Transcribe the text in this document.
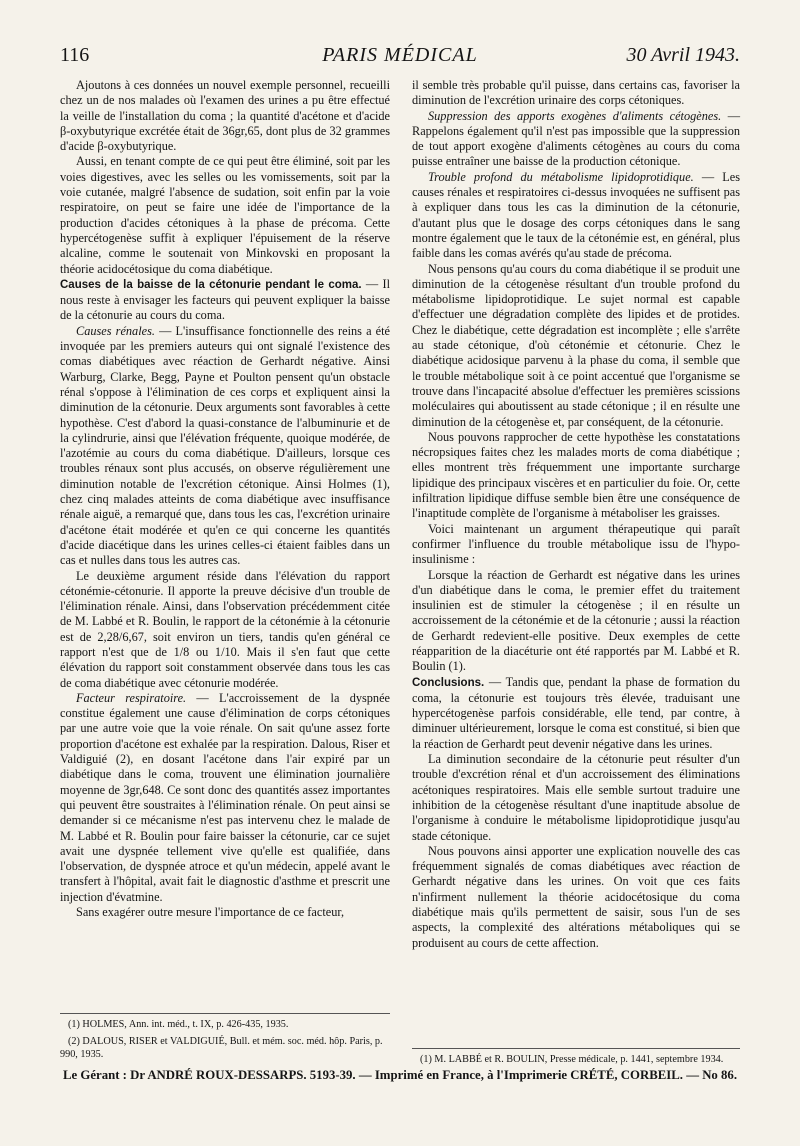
116	PARIS MÉDICAL	30 Avril 1943.

Ajoutons à ces données un nouvel exemple personnel, recueilli chez un de nos malades où l'examen des urines a pu être effectué la veille de l'installation du coma ; la quantité d'acétone et d'acide β-oxybutyrique excrétée était de 36gr,65, dont plus de 32 grammes d'acide β-oxybutyrique.

Aussi, en tenant compte de ce qui peut être éliminé, soit par les voies digestives, avec les selles ou les vomissements, soit par la voie cutanée, malgré l'absence de sudation, soit enfin par la voie respiratoire, on peut se faire une idée de l'importance de la production d'acides cétoniques à la phase de précoma. Cette hypercétogenèse suffit à expliquer l'épuisement de la réserve alcaline, comme le soutenait von Minkovski en proposant la théorie acidocétosique du coma diabétique.

Causes de la baisse de la cétonurie pendant le coma. — Il nous reste à envisager les facteurs qui peuvent expliquer la baisse de la cétonurie au cours du coma.

Causes rénales. — L'insuffisance fonctionnelle des reins a été invoquée par les premiers auteurs qui ont signalé l'existence des comas diabétiques avec réaction de Gerhardt négative. Ainsi Warburg, Clarke, Begg, Payne et Poulton pensent qu'un obstacle rénal s'oppose à l'élimination de ces corps et expliquent ainsi la diminution de la cétonurie. Deux arguments sont favorables à cette hypothèse. C'est d'abord la quasi-constance de l'albuminurie et de la cylindrurie, ainsi que l'élévation fréquente, quoique modérée, de l'azotémie au cours du coma diabétique. D'ailleurs, lorsque ces troubles rénaux sont plus accusés, on observe régulièrement une diminution notable de l'excrétion cétonique. Ainsi Holmes (1), chez cinq malades atteints de coma diabétique avec insuffisance rénale aiguë, a remarqué que, dans tous les cas, l'excrétion urinaire d'acétone était modérée et qu'en ce qui concerne les quantités d'acide diacétique dans les urines celles-ci étaient faibles dans un cas et nulles dans tous les autres cas.

Le deuxième argument réside dans l'élévation du rapport cétonémie-cétonurie. Il apporte la preuve décisive d'un trouble de l'élimination rénale. Ainsi, dans l'observation précédemment citée de M. Labbé et R. Boulin, le rapport de la cétonémie à la cétonurie est de 2,28/6,67, soit environ un tiers, tandis qu'en général ce rapport n'est que de 1/8 ou 1/10. Mais il s'en faut que cette élévation du rapport soit constamment observée dans tous les cas de coma diabétique avec cétonurie modérée.

Facteur respiratoire. — L'accroissement de la dyspnée constitue également une cause d'élimination de corps cétoniques par une autre voie que la voie rénale. On sait qu'une assez forte proportion d'acétone est exhalée par la respiration. Dalous, Riser et Valdiguié (2), en dosant l'acétone dans l'air expiré par un diabétique dans le coma, trouvent une élimination journalière moyenne de 3gr,648. Ce sont donc des quantités assez importantes qui peuvent être soustraites à l'élimination rénale. On peut ainsi se demander si ce mécanisme n'est pas intervenu chez le malade de M. Labbé et R. Boulin pour faire baisser la cétonurie, car ce sujet avait une dyspnée tellement vive qu'elle est qualifiée, dans l'observation, de dyspnée atroce et qu'un médecin, appelé avant le transfert à l'hôpital, avait fait le diagnostic d'asthme et prescrit une injection d'évatmine.

Sans exagérer outre mesure l'importance de ce facteur,

il semble très probable qu'il puisse, dans certains cas, favoriser la diminution de l'excrétion urinaire des corps cétoniques.

Suppression des apports exogènes d'aliments cétogènes. — Rappelons également qu'il n'est pas impossible que la suppression de tout apport exogène d'aliments cétogènes au cours du coma puisse entraîner une baisse de la production cétonique.

Trouble profond du métabolisme lipidoprotidique. — Les causes rénales et respiratoires ci-dessus invoquées ne suffisent pas à expliquer dans tous les cas la diminution de la cétonurie, d'autant plus que le dosage des corps cétoniques dans le sang montre également que le taux de la cétonémie est, en général, plus faible dans les comas avérés qu'au stade de précoma.

Nous pensons qu'au cours du coma diabétique il se produit une diminution de la cétogenèse résultant d'un trouble profond du métabolisme lipidoprotidique. Le sujet normal est capable d'effectuer une dégradation complète des lipides et de protides. Chez le diabétique, cette dégradation est incomplète ; elle s'arrête au stade cétonique, d'où cétonémie et cétonurie. Chez le diabétique acidosique parvenu à la phase du coma, il semble que le trouble métabolique soit à ce point accentué que l'organisme se trouve dans l'incapacité absolue d'effectuer les premières scissions moléculaires qui aboutissent au stade cétonique ; il en résulte une diminution de la cétogenèse et, par conséquent, de la cétonurie.

Nous pouvons rapprocher de cette hypothèse les constatations nécropsiques faites chez les malades morts de coma diabétique ; elles montrent très fréquemment une importante surcharge lipidique des principaux viscères et en particulier du foie. Or, cette infiltration lipidique diffuse semble bien être une conséquence de l'inaptitude complète de l'organisme à métaboliser les graisses.

Voici maintenant un argument thérapeutique qui paraît confirmer l'influence du trouble métabolique issu de l'hypo-insulinisme :

Lorsque la réaction de Gerhardt est négative dans les urines d'un diabétique dans le coma, le premier effet du traitement insulinien est de stimuler la cétogenèse ; il en résulte un accroissement de la cétonémie et de la cétonurie ; aussi la réaction de Gerhardt redevient-elle positive. Deux exemples de cette réapparition de la diacéturie ont été rapportés par M. Labbé et R. Boulin (1).

Conclusions. — Tandis que, pendant la phase de formation du coma, la cétonurie est toujours très élevée, traduisant une hypercétogenèse parfois considérable, elle tend, par contre, à diminuer ultérieurement, lorsque le coma est constitué, si bien que la réaction de Gerhardt peut devenir négative dans les urines.

La diminution secondaire de la cétonurie peut résulter d'un trouble d'excrétion rénal et d'un accroissement des éliminations acétoniques respiratoires. Mais elle semble surtout traduire une inhibition de la cétogenèse résultant d'une inaptitude absolue de l'organisme à conduire le métabolisme lipidoprotidique jusqu'au stade cétonique.

Nous pouvons ainsi apporter une explication nouvelle des cas fréquemment signalés de comas diabétiques avec réaction de Gerhardt négative dans les urines. On voit que ces faits n'infirment nullement la théorie acidocétosique du coma diabétique mais qu'ils permettent de saisir, sous l'un de ses aspects, la complexité des altérations métaboliques qui se produisent au cours de cette affection.

(1) HOLMES, Ann. int. méd., t. IX, p. 426-435, 1935.

(2) DALOUS, RISER et VALDIGUIÉ, Bull. et mém. soc. méd. hôp. Paris, p. 990, 1935.	(1) M. LABBÉ et R. BOULIN, Presse médicale, p. 1441, septembre 1934.

Le Gérant : Dr ANDRÉ ROUX-DESSARPS. 5193-39. — Imprimé en France, à l'Imprimerie CRÉTÉ, CORBEIL. — No 86.
